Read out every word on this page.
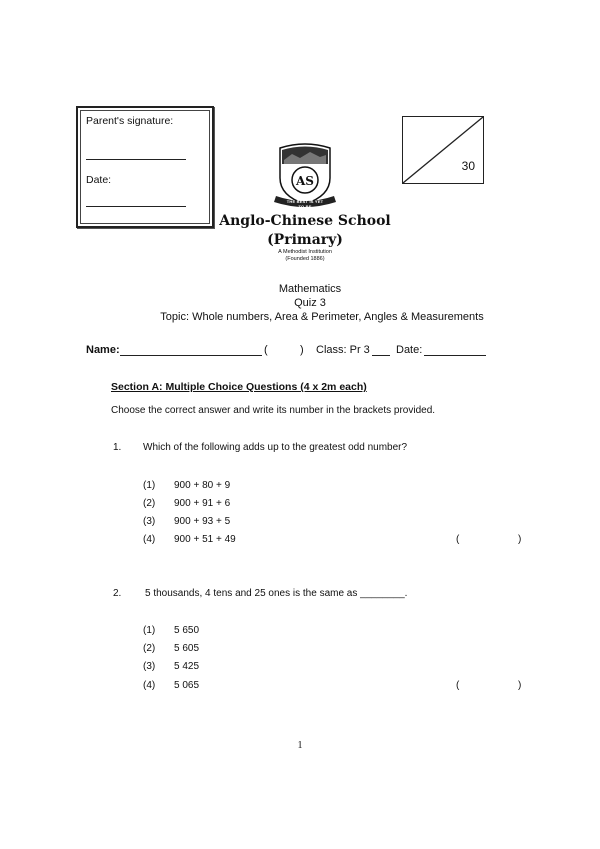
Parent's signature:
Date:
30
AS
THE BEST IS YET TO BE
Anglo-Chinese School
(Primary)
A Methodist Institution
(Founded 1886)
Mathematics
Quiz 3
Topic: Whole numbers, Area & Perimeter, Angles & Measurements
Name:	(	) Class: Pr 3 Date:
Section A: Multiple Choice Questions (4 x 2m each)
Choose the correct answer and write its number in the brackets provided.
1. Which of the following adds up to the greatest odd number?
(1) 900 + 80 + 9
(2) 900 + 91 + 6
(3) 900 + 93 + 5
(4) 900 + 51 + 49	(	)
2. 5 thousands, 4 tens and 25 ones is the same as ________.
(1) 5 650
(2) 5 605
(3) 5 425
(4) 5 065	(	)
1
